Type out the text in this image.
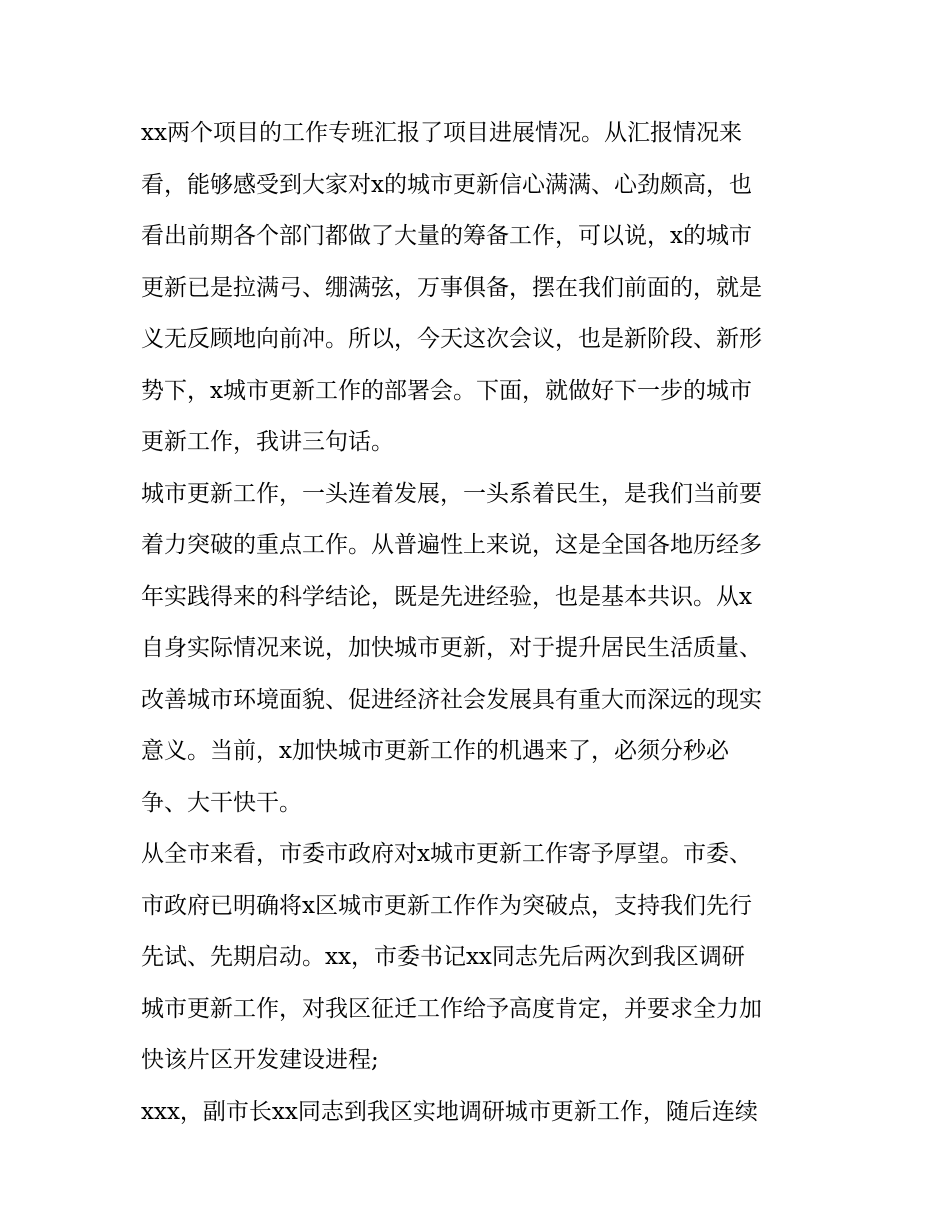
xx两个项目的工作专班汇报了项目进展情况。从汇报情况来
看，能够感受到大家对x的城市更新信心满满、心劲颇高，也
看出前期各个部门都做了大量的筹备工作，可以说，x的城市
更新已是拉满弓、绷满弦，万事俱备，摆在我们前面的，就是
义无反顾地向前冲。所以，今天这次会议，也是新阶段、新形
势下，x城市更新工作的部署会。下面，就做好下一步的城市
更新工作，我讲三句话。
城市更新工作，一头连着发展，一头系着民生，是我们当前要
着力突破的重点工作。从普遍性上来说，这是全国各地历经多
年实践得来的科学结论，既是先进经验，也是基本共识。从x
自身实际情况来说，加快城市更新，对于提升居民生活质量、
改善城市环境面貌、促进经济社会发展具有重大而深远的现实
意义。当前，x加快城市更新工作的机遇来了，必须分秒必
争、大干快干。
从全市来看，市委市政府对x城市更新工作寄予厚望。市委、
市政府已明确将x区城市更新工作作为突破点，支持我们先行
先试、先期启动。xx，市委书记xx同志先后两次到我区调研
城市更新工作，对我区征迁工作给予高度肯定，并要求全力加
快该片区开发建设进程;
xxx，副市长xx同志到我区实地调研城市更新工作，随后连续
